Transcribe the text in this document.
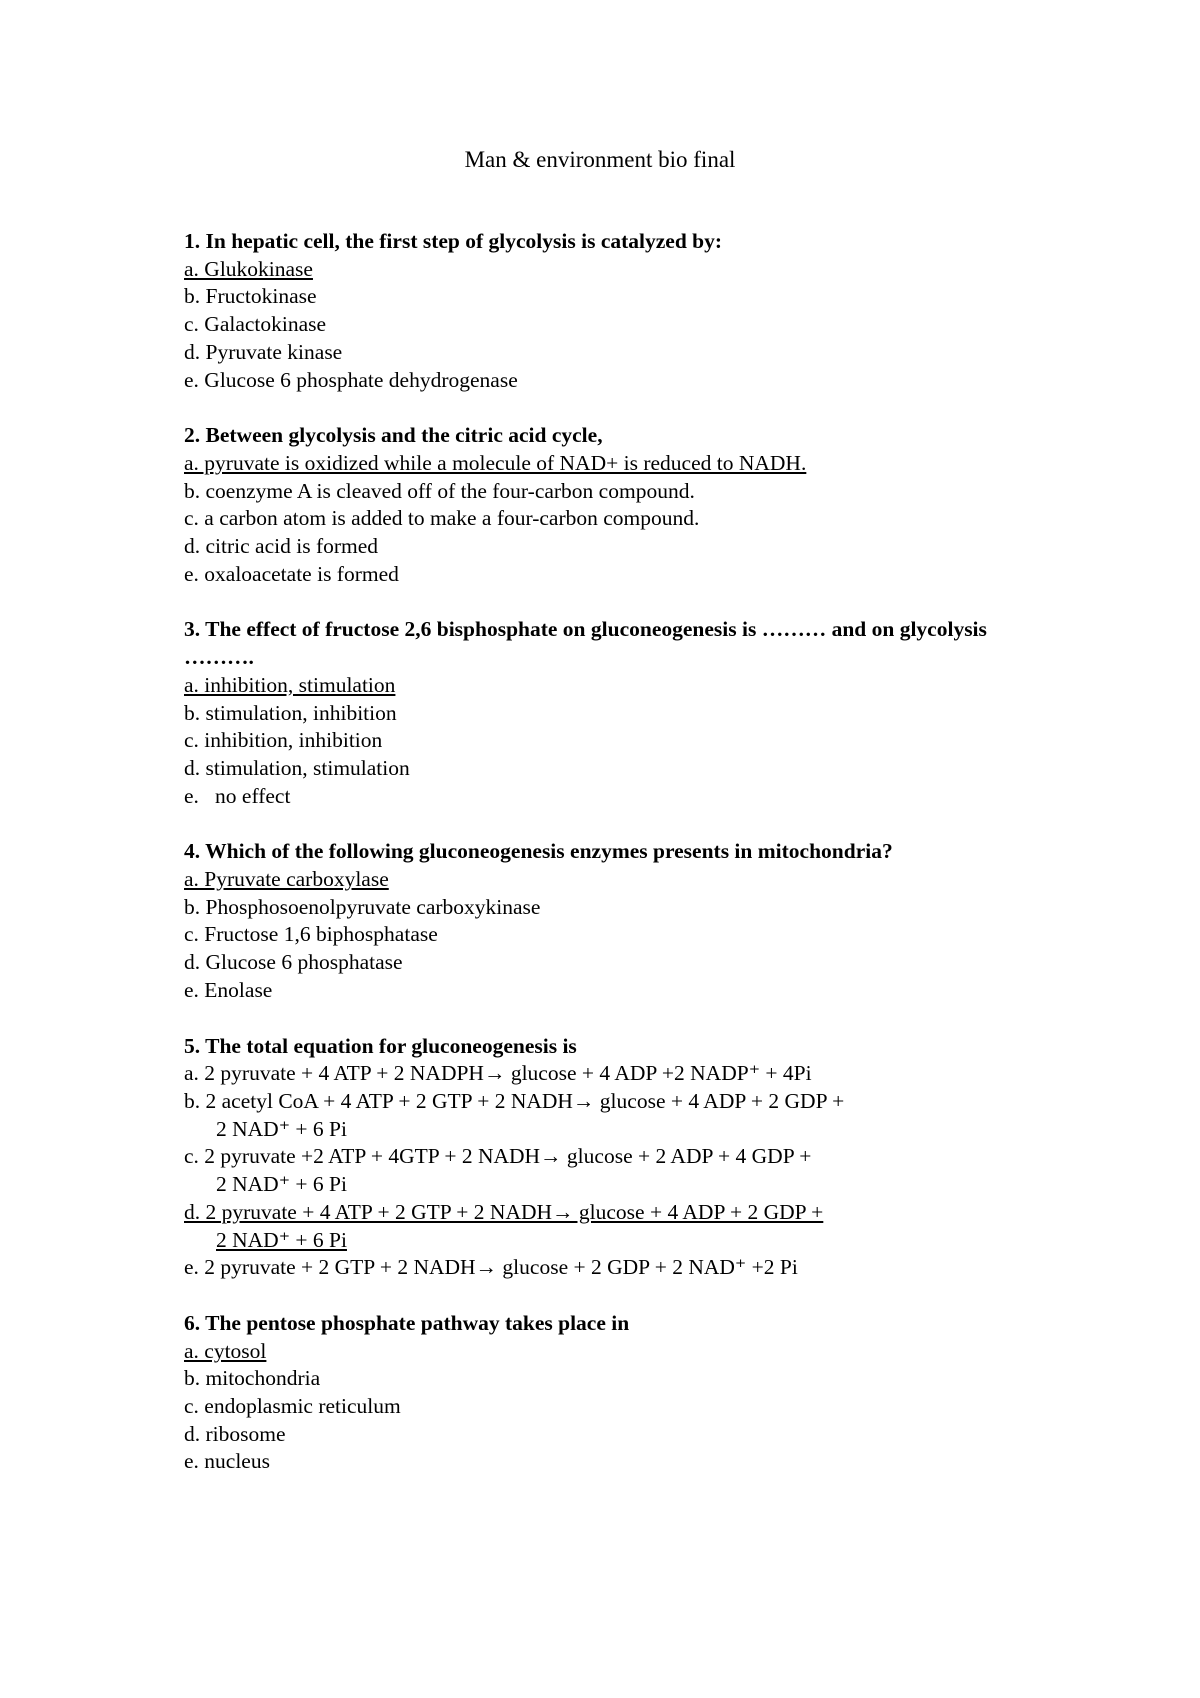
Man & environment bio final

1. In hepatic cell, the first step of glycolysis is catalyzed by:

a. Glukokinase

b. Fructokinase

c. Galactokinase

d. Pyruvate kinase

e. Glucose 6 phosphate dehydrogenase

2. Between glycolysis and the citric acid cycle,

a. pyruvate is oxidized while a molecule of NAD+ is reduced to NADH.

b. coenzyme A is cleaved off of the four-carbon compound.

c. a carbon atom is added to make a four-carbon compound.

d. citric acid is formed

e. oxaloacetate is formed

3. The effect of fructose 2,6 bisphosphate on gluconeogenesis is ……… and on glycolysis ……….

a. inhibition, stimulation

b. stimulation, inhibition

c. inhibition, inhibition

d. stimulation, stimulation

e.   no effect

4. Which of the following gluconeogenesis enzymes presents in mitochondria?

a. Pyruvate carboxylase

b. Phosphosoenolpyruvate carboxykinase

c. Fructose 1,6 biphosphatase

d. Glucose 6 phosphatase

e. Enolase

5. The total equation for gluconeogenesis is

a. 2 pyruvate + 4 ATP + 2 NADPH→ glucose + 4 ADP +2 NADP⁺ + 4Pi

b. 2 acetyl CoA + 4 ATP + 2 GTP + 2 NADH→ glucose + 4 ADP + 2 GDP +
2 NAD⁺ + 6 Pi

c. 2 pyruvate +2 ATP + 4GTP + 2 NADH→ glucose + 2 ADP + 4 GDP +
2 NAD⁺ + 6 Pi

d. 2 pyruvate + 4 ATP + 2 GTP + 2 NADH→ glucose + 4 ADP + 2 GDP +
2 NAD⁺ + 6 Pi

e. 2 pyruvate + 2 GTP + 2 NADH→ glucose + 2 GDP + 2 NAD⁺ +2 Pi

6. The pentose phosphate pathway takes place in

a. cytosol

b. mitochondria

c. endoplasmic reticulum

d. ribosome

e. nucleus
